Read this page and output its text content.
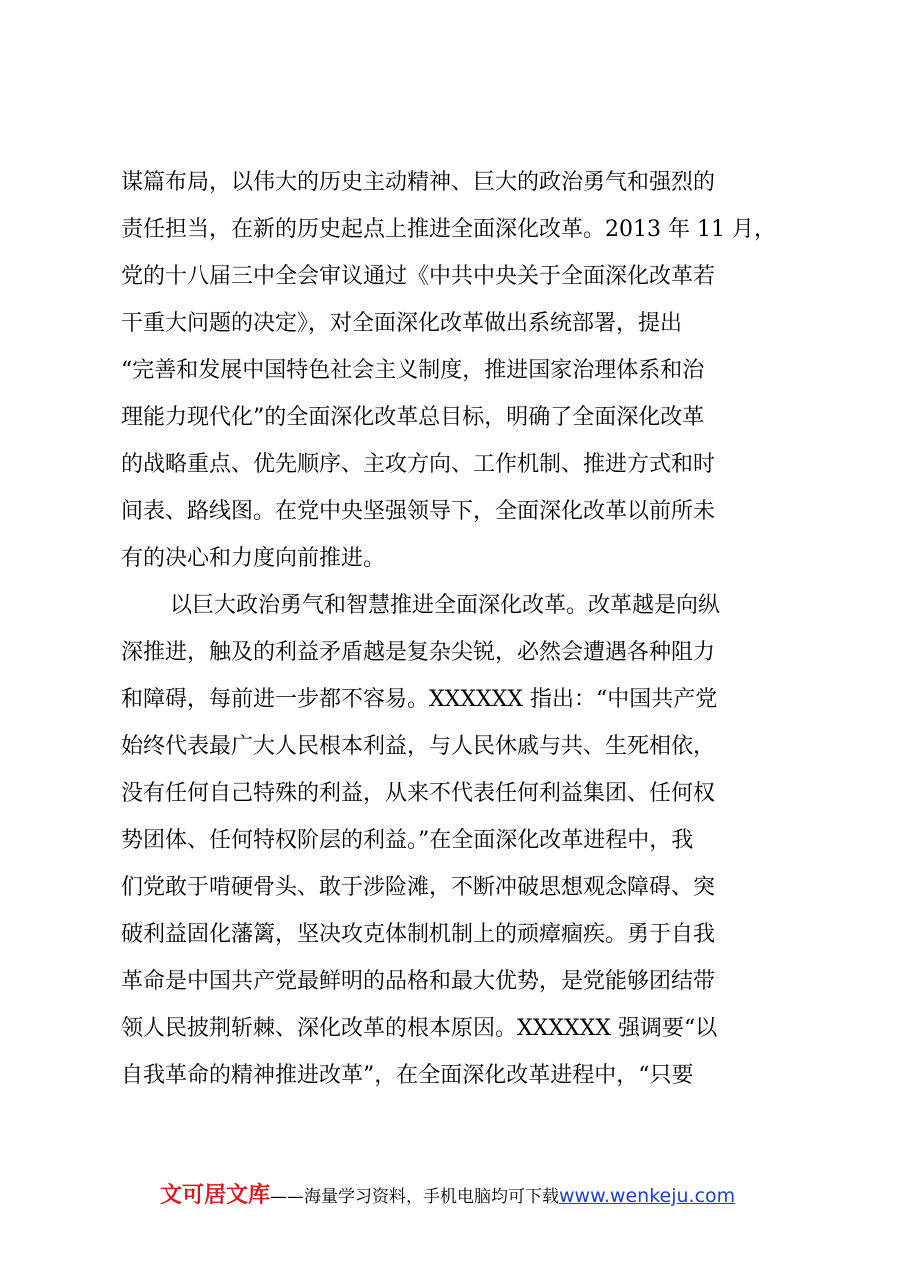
谋篇布局，以伟大的历史主动精神、巨大的政治勇气和强烈的
责任担当，在新的历史起点上推进全面深化改革。2013 年 11 月，
党的十八届三中全会审议通过《中共中央关于全面深化改革若
干重大问题的决定》，对全面深化改革做出系统部署，提出
“完善和发展中国特色社会主义制度，推进国家治理体系和治
理能力现代化”的全面深化改革总目标，明确了全面深化改革
的战略重点、优先顺序、主攻方向、工作机制、推进方式和时
间表、路线图。在党中央坚强领导下，全面深化改革以前所未
有的决心和力度向前推进。
以巨大政治勇气和智慧推进全面深化改革。改革越是向纵
深推进，触及的利益矛盾越是复杂尖锐，必然会遭遇各种阻力
和障碍，每前进一步都不容易。XXXXXX 指出：“中国共产党
始终代表最广大人民根本利益，与人民休戚与共、生死相依，
没有任何自己特殊的利益，从来不代表任何利益集团、任何权
势团体、任何特权阶层的利益。”在全面深化改革进程中，我
们党敢于啃硬骨头、敢于涉险滩，不断冲破思想观念障碍、突
破利益固化藩篱，坚决攻克体制机制上的顽瘴痼疾。勇于自我
革命是中国共产党最鲜明的品格和最大优势，是党能够团结带
领人民披荆斩棘、深化改革的根本原因。XXXXXX 强调要“以
自我革命的精神推进改革”，在全面深化改革进程中，“只要
文可居文库——海量学习资料，手机电脑均可下载www.wenkeju.com
